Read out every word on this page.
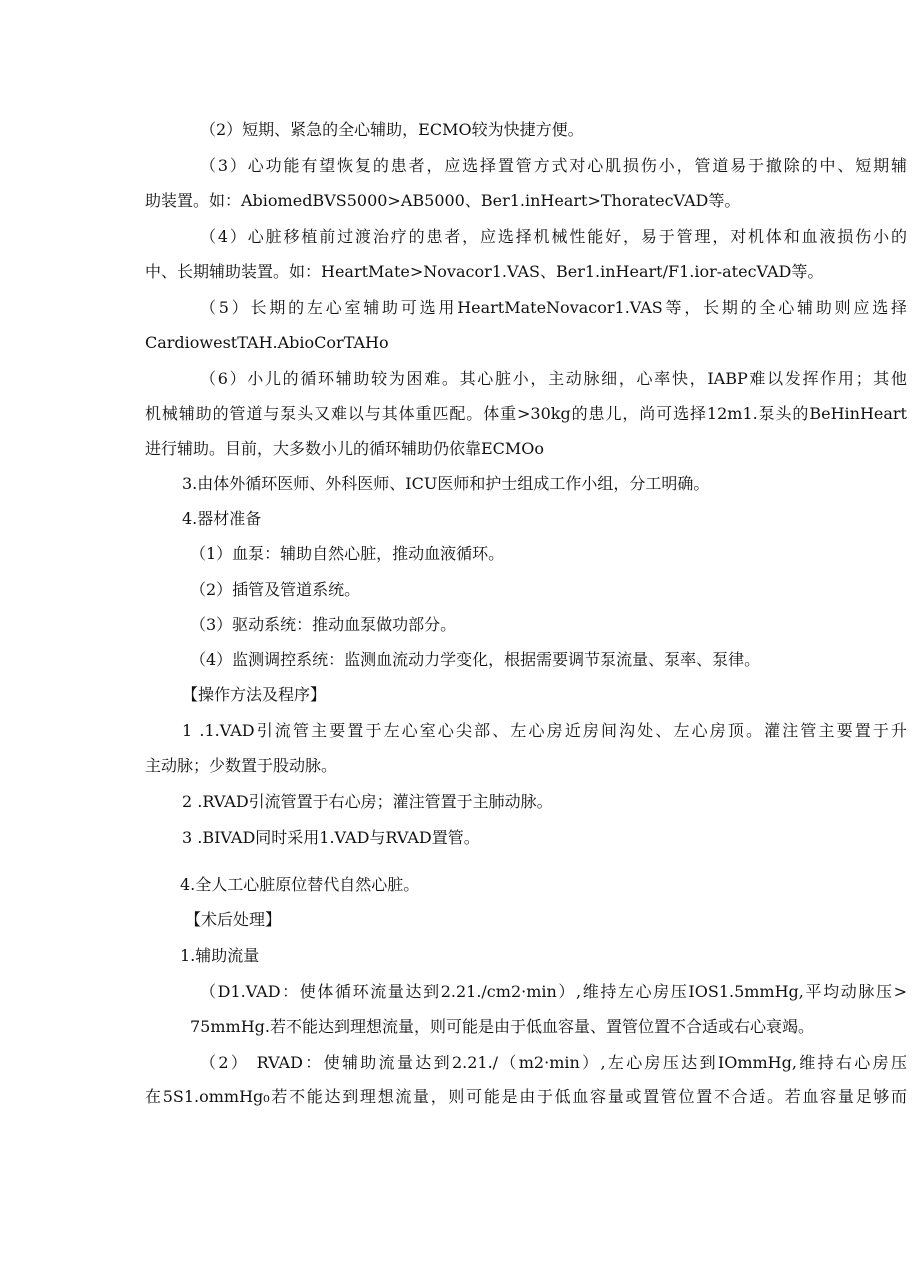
（2）短期、紧急的全心辅助，ECMO较为快捷方便。
（3）心功能有望恢复的患者，应选择置管方式对心肌损伤小，管道易于撤除的中、短期辅
助装置。如：AbiomedBVS5000>AB5000、Ber1.inHeart>ThoratecVAD等。
（4）心脏移植前过渡治疗的患者，应选择机械性能好，易于管理，对机体和血液损伤小的
中、长期辅助装置。如：HeartMate>Novacor1.VAS、Ber1.inHeart/F1.ior-atecVAD等。
（5）长期的左心室辅助可选用HeartMateNovacor1.VAS等，长期的全心辅助则应选择
CardiowestTAH.AbioCorTAHo
（6）小儿的循环辅助较为困难。其心脏小，主动脉细，心率快，IABP难以发挥作用；其他
机械辅助的管道与泵头又难以与其体重匹配。体重>30kg的患儿，尚可选择12m1.泵头的BeHinHeart
进行辅助。目前，大多数小儿的循环辅助仍依靠ECMOo
3.由体外循环医师、外科医师、ICU医师和护士组成工作小组，分工明确。
4.器材准备
（1）血泵：辅助自然心脏，推动血液循环。
（2）插管及管道系统。
（3）驱动系统：推动血泵做功部分。
（4）监测调控系统：监测血流动力学变化，根据需要调节泵流量、泵率、泵律。
【操作方法及程序】
1 .1.VAD引流管主要置于左心室心尖部、左心房近房间沟处、左心房顶。灌注管主要置于升
主动脉；少数置于股动脉。
2 .RVAD引流管置于右心房；灌注管置于主肺动脉。
3 .BIVAD同时采用1.VAD与RVAD置管。
4.全人工心脏原位替代自然心脏。
【术后处理】
1.辅助流量
（D1.VAD：使体循环流量达到2.21./cm2·min）,维持左心房压IOS1.5mmHg,平均动脉压>
75mmHg.若不能达到理想流量，则可能是由于低血容量、置管位置不合适或右心衰竭。
（2） RVAD：使辅助流量达到2.21./（m2·min）,左心房压达到IOmmHg,维持右心房压
在5S1.ommHg₀若不能达到理想流量，则可能是由于低血容量或置管位置不合适。若血容量足够而
